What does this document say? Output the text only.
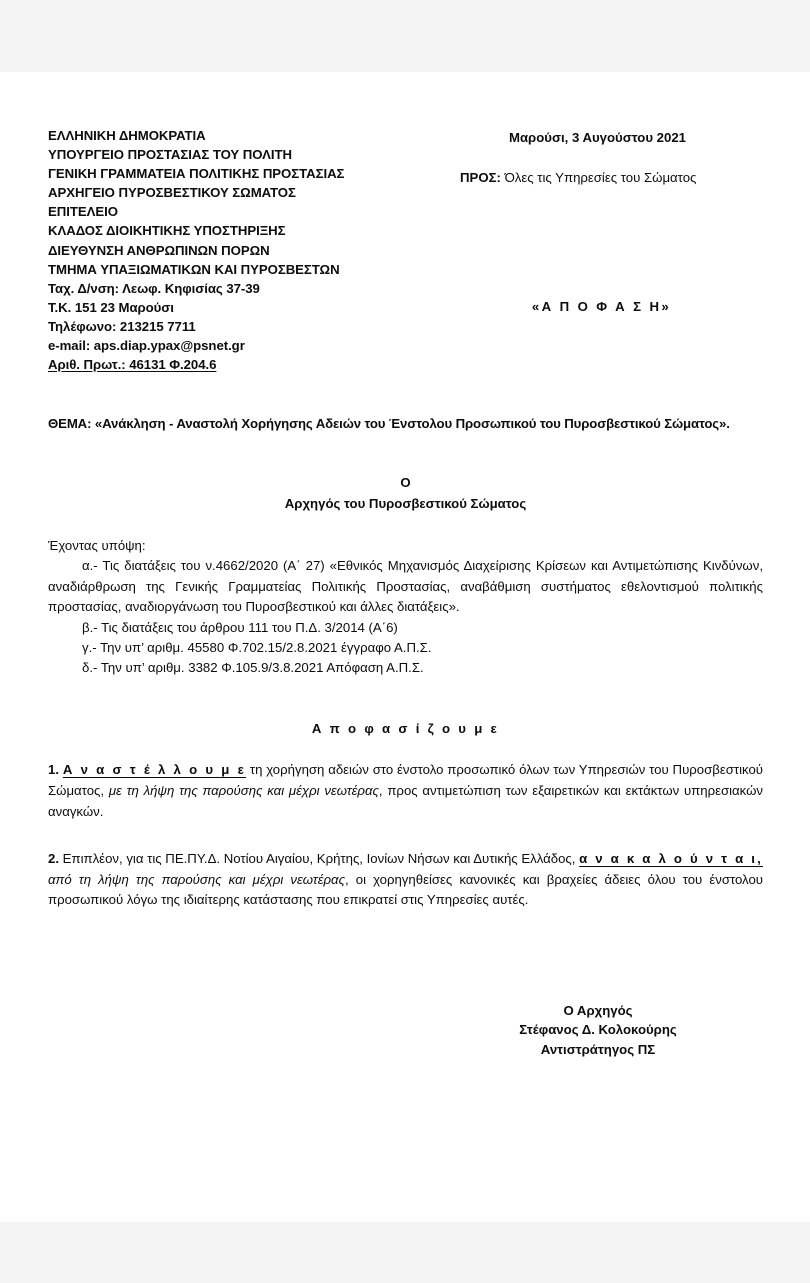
ΕΛΛΗΝΙΚΗ ΔΗΜΟΚΡΑΤΙΑ
ΥΠΟΥΡΓΕΙΟ ΠΡΟΣΤΑΣΙΑΣ ΤΟΥ ΠΟΛΙΤΗ
ΓΕΝΙΚΗ ΓΡΑΜΜΑΤΕΙΑ ΠΟΛΙΤΙΚΗΣ ΠΡΟΣΤΑΣΙΑΣ
ΑΡΧΗΓΕΙΟ ΠΥΡΟΣΒΕΣΤΙΚΟΥ ΣΩΜΑΤΟΣ
ΕΠΙΤΕΛΕΙΟ
ΚΛΑΔΟΣ ΔΙΟΙΚΗΤΙΚΗΣ ΥΠΟΣΤΗΡΙΞΗΣ
ΔΙΕΥΘΥΝΣΗ ΑΝΘΡΩΠΙΝΩΝ ΠΟΡΩΝ
ΤΜΗΜΑ ΥΠΑΞΙΩΜΑΤΙΚΩΝ ΚΑΙ ΠΥΡΟΣΒΕΣΤΩΝ
Ταχ. Δ/νση: Λεωφ. Κηφισίας 37-39
Τ.Κ. 151 23 Μαρούσι
Τηλέφωνο: 213215 7711
e-mail: aps.diap.ypax@psnet.gr
Αριθ. Πρωτ.: 46131 Φ.204.6
Μαρούσι, 3 Αυγούστου 2021
ΠΡΟΣ: Όλες τις Υπηρεσίες του Σώματος
«Α Π Ο Φ Α Σ Η»
ΘΕΜΑ: «Ανάκληση - Αναστολή Χορήγησης Αδειών του Ένστολου Προσωπικού του Πυροσβεστικού Σώματος».
Ο
Αρχηγός του Πυροσβεστικού Σώματος
Έχοντας υπόψη:
α.- Τις διατάξεις του ν.4662/2020 (Α΄ 27) «Εθνικός Μηχανισμός Διαχείρισης Κρίσεων και Αντιμετώπισης Κινδύνων, αναδιάρθρωση της Γενικής Γραμματείας Πολιτικής Προστασίας, αναβάθμιση συστήματος εθελοντισμού πολιτικής προστασίας, αναδιοργάνωση του Πυροσβεστικού και άλλες διατάξεις».
β.- Τις διατάξεις του άρθρου 111 του Π.Δ. 3/2014 (Α΄6)
γ.- Την υπ’ αριθμ. 45580 Φ.702.15/2.8.2021 έγγραφο Α.Π.Σ.
δ.- Την υπ’ αριθμ. 3382 Φ.105.9/3.8.2021 Απόφαση Α.Π.Σ.
Α π ο φ α σ ί ζ ο υ μ ε
1. Α ν α σ τ έ λ λ ο υ μ ε τη χορήγηση αδειών στο ένστολο προσωπικό όλων των Υπηρεσιών του Πυροσβεστικού Σώματος, με τη λήψη της παρούσης και μέχρι νεωτέρας, προς αντιμετώπιση των εξαιρετικών και εκτάκτων υπηρεσιακών αναγκών.
2. Επιπλέον, για τις ΠΕ.ΠΥ.Δ. Νοτίου Αιγαίου, Κρήτης, Ιονίων Νήσων και Δυτικής Ελλάδος, α ν α κ α λ ο ύ ν τ α ι, από τη λήψη της παρούσης και μέχρι νεωτέρας, οι χορηγηθείσες κανονικές και βραχείες άδειες όλου του ένστολου προσωπικού λόγω της ιδιαίτερης κατάστασης που επικρατεί στις Υπηρεσίες αυτές.
Ο Αρχηγός
Στέφανος Δ. Κολοκούρης
Αντιστράτηγος ΠΣ
